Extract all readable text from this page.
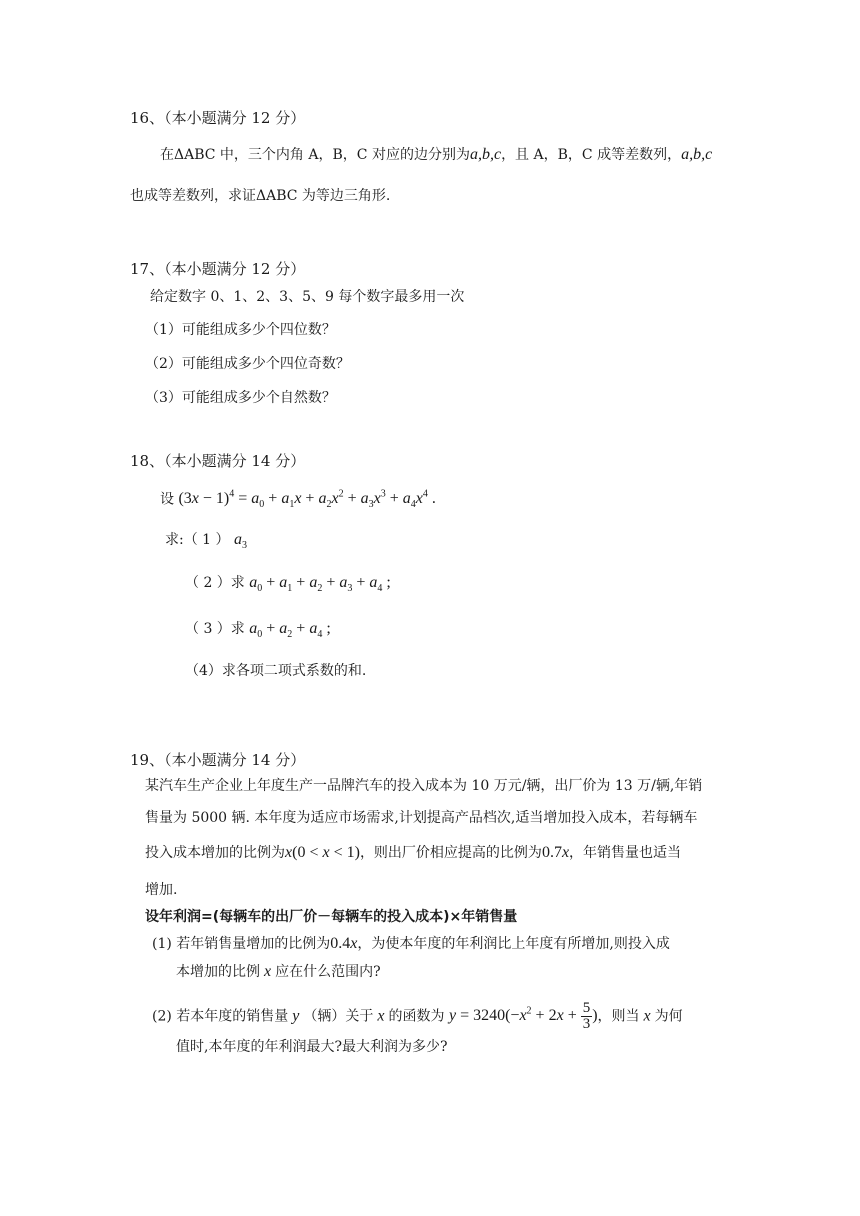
16、（本小题满分 12 分）
在ΔABC 中，三个内角 A，B，C 对应的边分别为a,b,c，且 A，B，C 成等差数列，a,b,c
也成等差数列，求证ΔABC 为等边三角形.
17、（本小题满分 12 分）
给定数字 0、1、2、3、5、9 每个数字最多用一次
（1）可能组成多少个四位数？
（2）可能组成多少个四位奇数？
（3）可能组成多少个自然数？
18、（本小题满分 14 分）
设 $(3x - 1)^4 = a_0 + a_1x + a_2x^2 + a_3x^3 + a_4x^4$ .
求:（ 1 ） $a_3$
（ 2 ）求 $a_0 + a_1 + a_2 + a_3 + a_4$ ;
（ 3 ）求 $a_0 + a_2 + a_4$ ;
（4）求各项二项式系数的和.
19、（本小题满分 14 分）
某汽车生产企业上年度生产一品牌汽车的投入成本为 10 万元/辆，出厂价为 13 万/辆,年销
售量为 5000 辆. 本年度为适应市场需求,计划提高产品档次,适当增加投入成本，若每辆车
投入成本增加的比例为x(0 < x < 1)，则出厂价相应提高的比例为0.7x，年销售量也适当
增加.
设年利润=(每辆车的出厂价－每辆车的投入成本)×年销售量
(1) 若年销售量增加的比例为0.4x，为使本年度的年利润比上年度有所增加,则投入成
本增加的比例 x 应在什么范围内?
(2) 若本年度的销售量 y （辆）关于 x 的函数为 $y = 3240(-x^2 + 2x + \frac{5}{3}$ )，则当 x 为何
值时,本年度的年利润最大?最大利润为多少?
